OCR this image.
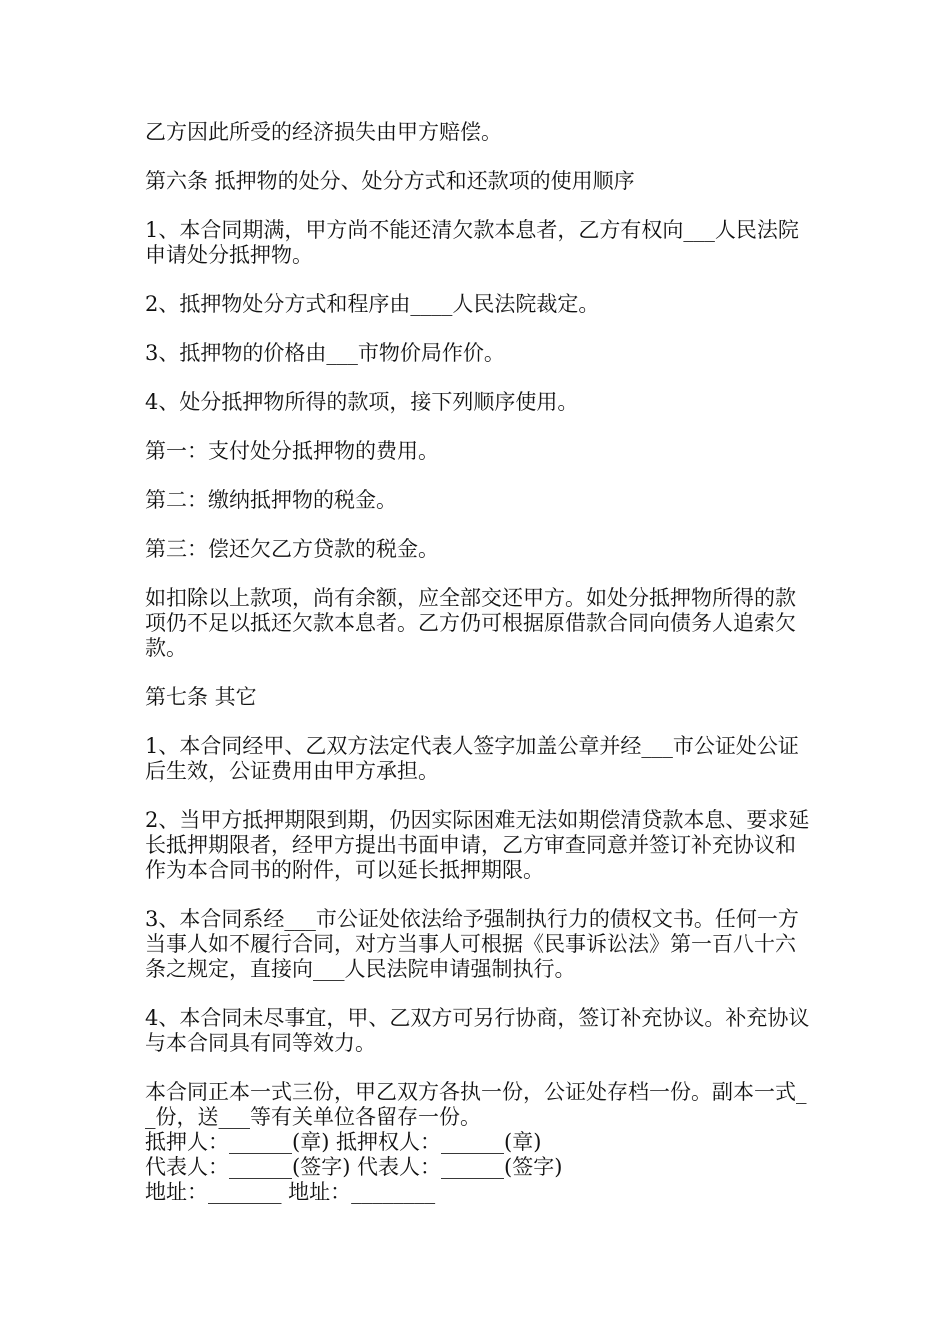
乙方因此所受的经济损失由甲方赔偿。

第六条 抵押物的处分、处分方式和还款项的使用顺序

1、本合同期满，甲方尚不能还清欠款本息者，乙方有权向___人民法院申请处分抵押物。

2、抵押物处分方式和程序由____人民法院裁定。

3、抵押物的价格由___市物价局作价。

4、处分抵押物所得的款项，接下列顺序使用。

第一：支付处分抵押物的费用。

第二：缴纳抵押物的税金。

第三：偿还欠乙方贷款的税金。

如扣除以上款项，尚有余额，应全部交还甲方。如处分抵押物所得的款项仍不足以抵还欠款本息者。乙方仍可根据原借款合同向债务人追索欠款。

第七条 其它

1、本合同经甲、乙双方法定代表人签字加盖公章并经___市公证处公证后生效，公证费用由甲方承担。

2、当甲方抵押期限到期，仍因实际困难无法如期偿清贷款本息、要求延长抵押期限者，经甲方提出书面申请，乙方审查同意并签订补充协议和作为本合同书的附件，可以延长抵押期限。

3、本合同系经___市公证处依法给予强制执行力的债权文书。任何一方当事人如不履行合同，对方当事人可根据《民事诉讼法》第一百八十六条之规定，直接向___人民法院申请强制执行。

4、本合同未尽事宜，甲、乙双方可另行协商，签订补充协议。补充协议与本合同具有同等效力。

本合同正本一式三份，甲乙双方各执一份，公证处存档一份。副本一式__份，送___等有关单位各留存一份。

抵押人：______(章) 抵押权人：______(章)

代表人：______(签字) 代表人：______(签字)

地址：_______ 地址：________
